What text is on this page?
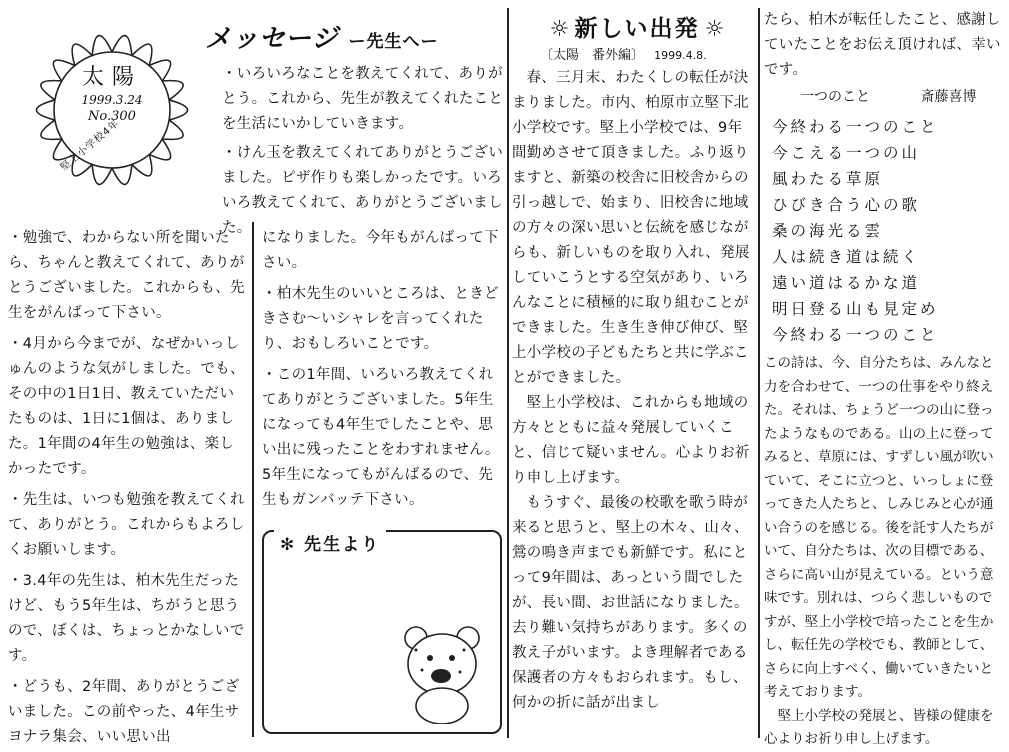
太陽
1999.3.24
No.300
堅上小学校4年
メッセージ ー先生へー

・いろいろなことを教えてくれて、ありがとう。これから、先生が教えてくれたことを生活にいかしていきます。

・けん玉を教えてくれてありがとうございました。ピザ作りも楽しかったです。いろいろ教えてくれて、ありがとうございました。

・勉強で、わからない所を聞いたら、ちゃんと教えてくれて、ありがとうございました。これからも、先生をがんばって下さい。

・4月から今までが、なぜかいっしゅんのような気がしました。でも、その中の1日1日、教えていただいたものは、1日に1個は、ありました。1年間の4年生の勉強は、楽しかったです。

・先生は、いつも勉強を教えてくれて、ありがとう。これからもよろしくお願いします。

・3.4年の先生は、柏木先生だったけど、もう5年生は、ちがうと思うので、ぼくは、ちょっとかなしいです。

・どうも、2年間、ありがとうございました。この前やった、4年生サヨナラ集会、いい思い出

になりました。今年もがんばって下さい。

・柏木先生のいいところは、ときどきさむ～いシャレを言ってくれたり、おもしろいことです。

・この1年間、いろいろ教えてくれてありがとうございました。5年生になっても4年生でしたことや、思い出に残ったことをわすれません。5年生になってもがんばるので、先生もガンバッテ下さい。

✻ 先生より
☼ 新しい出発 ☼
〔太陽　番外編〕 1999.4.8.

春、三月末、わたくしの転任が決まりました。市内、柏原市立堅下北小学校です。堅上小学校では、9年間勤めさせて頂きました。ふり返りますと、新築の校舎に旧校舎からの引っ越しで、始まり、旧校舎に地域の方々の深い思いと伝統を感じながらも、新しいものを取り入れ、発展していこうとする空気があり、いろんなことに積極的に取り組むことができました。生き生き伸び伸び、堅上小学校の子どもたちと共に学ぶことができました。

堅上小学校は、これからも地域の方々とともに益々発展していくこと、信じて疑いません。心よりお祈り申し上げます。

もうすぐ、最後の校歌を歌う時が来ると思うと、堅上の木々、山々、鶯の鳴き声までも新鮮です。私にとって9年間は、あっという間でしたが、長い間、お世話になりました。去り難い気持ちがあります。多くの教え子がいます。よき理解者である保護者の方々もおられます。もし、何かの折に話が出まし

たら、柏木が転任したこと、感謝していたことをお伝え頂ければ、幸いです。

一つのこと	斎藤喜博
今終わる一つのこと
今こえる一つの山
風わたる草原
ひびき合う心の歌
桑の海光る雲
人は続き道は続く
遠い道はるかな道
明日登る山も見定め
今終わる一つのこと

この詩は、今、自分たちは、みんなと力を合わせて、一つの仕事をやり終えた。それは、ちょうど一つの山に登ったようなものである。山の上に登ってみると、草原には、すずしい風が吹いていて、そこに立つと、いっしょに登ってきた人たちと、しみじみと心が通い合うのを感じる。後を託す人たちがいて、自分たちは、次の目標である、さらに高い山が見えている。という意味です。別れは、つらく悲しいものですが、堅上小学校で培ったことを生かし、転任先の学校でも、教師として、さらに向上すべく、働いていきたいと考えております。

堅上小学校の発展と、皆様の健康を心よりお祈り申し上げます。
